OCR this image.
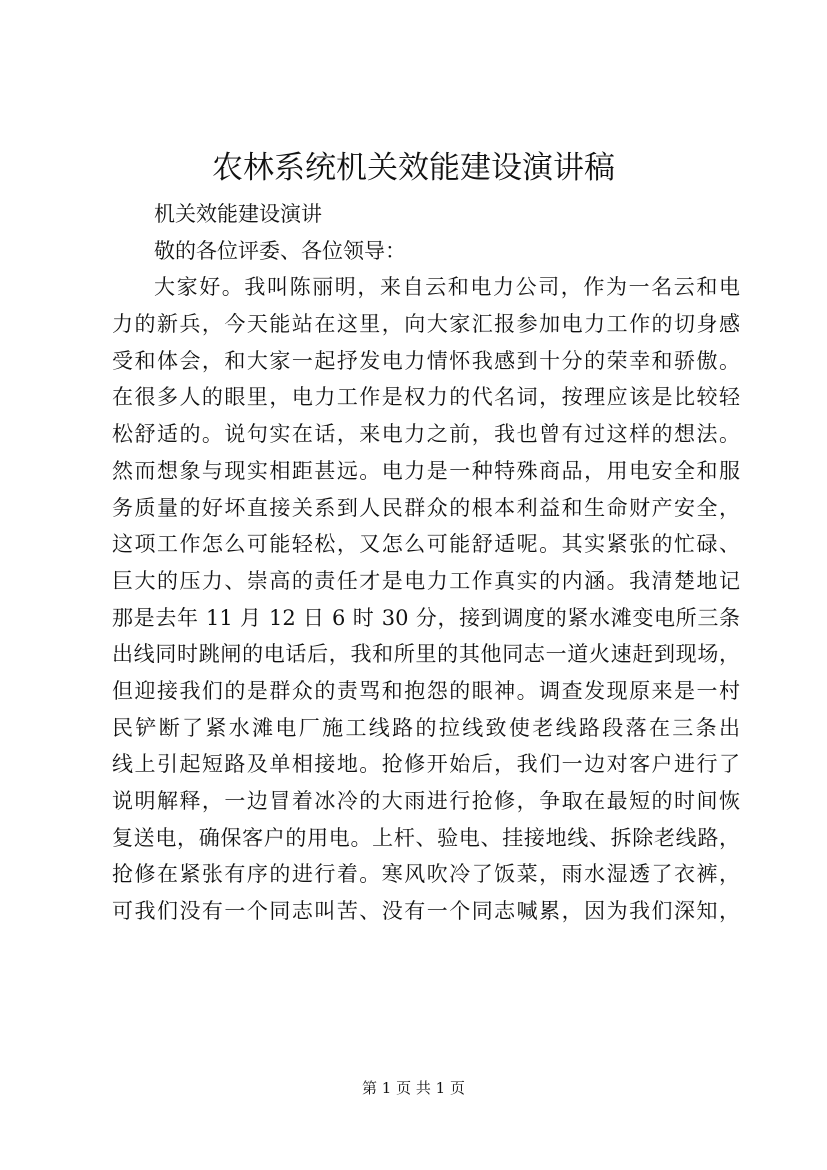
农林系统机关效能建设演讲稿
机关效能建设演讲
敬的各位评委、各位领导：
大家好。我叫陈丽明，来自云和电力公司，作为一名云和电
力的新兵，今天能站在这里，向大家汇报参加电力工作的切身感
受和体会，和大家一起抒发电力情怀我感到十分的荣幸和骄傲。
在很多人的眼里，电力工作是权力的代名词，按理应该是比较轻
松舒适的。说句实在话，来电力之前，我也曾有过这样的想法。
然而想象与现实相距甚远。电力是一种特殊商品，用电安全和服
务质量的好坏直接关系到人民群众的根本利益和生命财产安全，
这项工作怎么可能轻松，又怎么可能舒适呢。其实紧张的忙碌、
巨大的压力、崇高的责任才是电力工作真实的内涵。我清楚地记
那是去年 11 月 12 日 6 时 30 分，接到调度的紧水滩变电所三条
出线同时跳闸的电话后，我和所里的其他同志一道火速赶到现场，
但迎接我们的是群众的责骂和抱怨的眼神。调查发现原来是一村
民铲断了紧水滩电厂施工线路的拉线致使老线路段落在三条出
线上引起短路及单相接地。抢修开始后，我们一边对客户进行了
说明解释，一边冒着冰冷的大雨进行抢修，争取在最短的时间恢
复送电，确保客户的用电。上杆、验电、挂接地线、拆除老线路，
抢修在紧张有序的进行着。寒风吹冷了饭菜，雨水湿透了衣裤，
可我们没有一个同志叫苦、没有一个同志喊累，因为我们深知，
第 1 页 共 1 页
